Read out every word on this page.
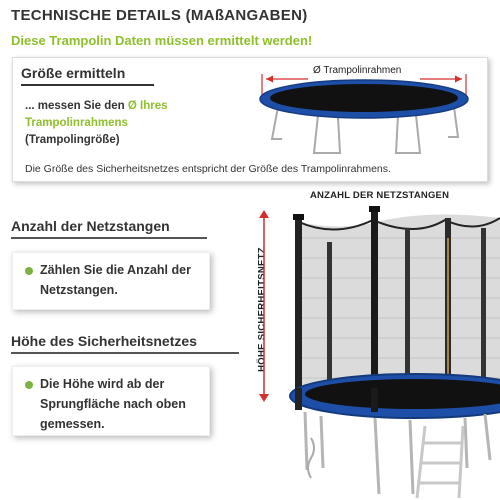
TECHNISCHE DETAILS (MAßANGABEN)
Diese Trampolin Daten müssen ermittelt werden!
Größe ermitteln
... messen Sie den Ø Ihres
Trampolinrahmens
(Trampolingröße)
Die Größe des Sicherheitsnetzes entspricht der Größe des Trampolinrahmens.
Ø Trampolinrahmen
Anzahl der Netzstangen
Zählen Sie die Anzahl der Netzstangen.
Höhe des Sicherheitsnetzes
Die Höhe wird ab der Sprungfläche nach oben gemessen.
ANZAHL DER NETZSTANGEN
HÖHE SICHERHEITSNETZ
